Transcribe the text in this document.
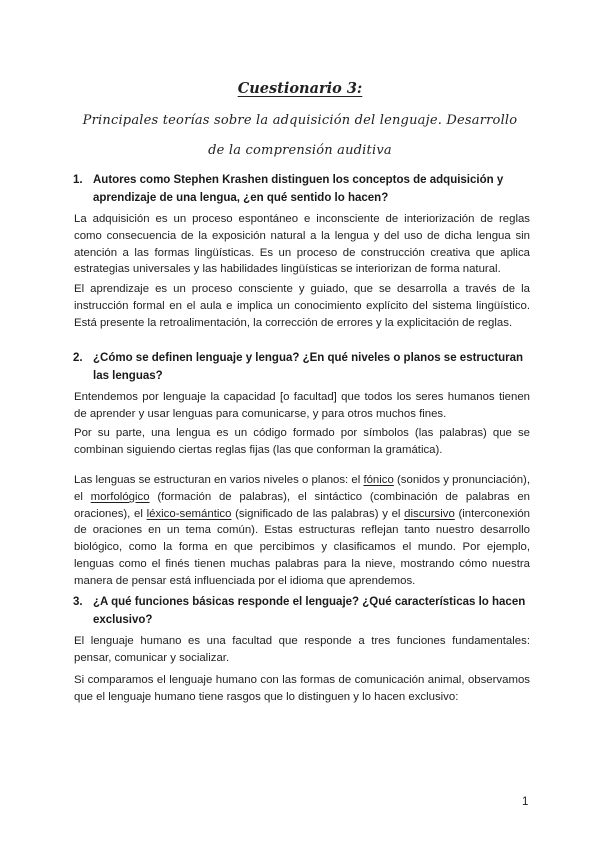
Cuestionario 3:
Principales teorías sobre la adquisición del lenguaje. Desarrollo
de la comprensión auditiva
1. Autores como Stephen Krashen distinguen los conceptos de adquisición y aprendizaje de una lengua, ¿en qué sentido lo hacen?
La adquisición es un proceso espontáneo e inconsciente de interiorización de reglas como consecuencia de la exposición natural a la lengua y del uso de dicha lengua sin atención a las formas lingüísticas. Es un proceso de construcción creativa que aplica estrategias universales y las habilidades lingüísticas se interiorizan de forma natural.
El aprendizaje es un proceso consciente y guiado, que se desarrolla a través de la instrucción formal en el aula e implica un conocimiento explícito del sistema lingüístico. Está presente la retroalimentación, la corrección de errores y la explicitación de reglas.
2. ¿Cómo se definen lenguaje y lengua? ¿En qué niveles o planos se estructuran las lenguas?
Entendemos por lenguaje la capacidad [o facultad] que todos los seres humanos tienen de aprender y usar lenguas para comunicarse, y para otros muchos fines.
Por su parte, una lengua es un código formado por símbolos (las palabras) que se combinan siguiendo ciertas reglas fijas (las que conforman la gramática).
Las lenguas se estructuran en varios niveles o planos: el fónico (sonidos y pronunciación), el morfológico (formación de palabras), el sintáctico (combinación de palabras en oraciones), el léxico-semántico (significado de las palabras) y el discursivo (interconexión de oraciones en un tema común). Estas estructuras reflejan tanto nuestro desarrollo biológico, como la forma en que percibimos y clasificamos el mundo. Por ejemplo, lenguas como el finés tienen muchas palabras para la nieve, mostrando cómo nuestra manera de pensar está influenciada por el idioma que aprendemos.
3. ¿A qué funciones básicas responde el lenguaje? ¿Qué características lo hacen exclusivo?
El lenguaje humano es una facultad que responde a tres funciones fundamentales: pensar, comunicar y socializar.
Si comparamos el lenguaje humano con las formas de comunicación animal, observamos que el lenguaje humano tiene rasgos que lo distinguen y lo hacen exclusivo:
1
